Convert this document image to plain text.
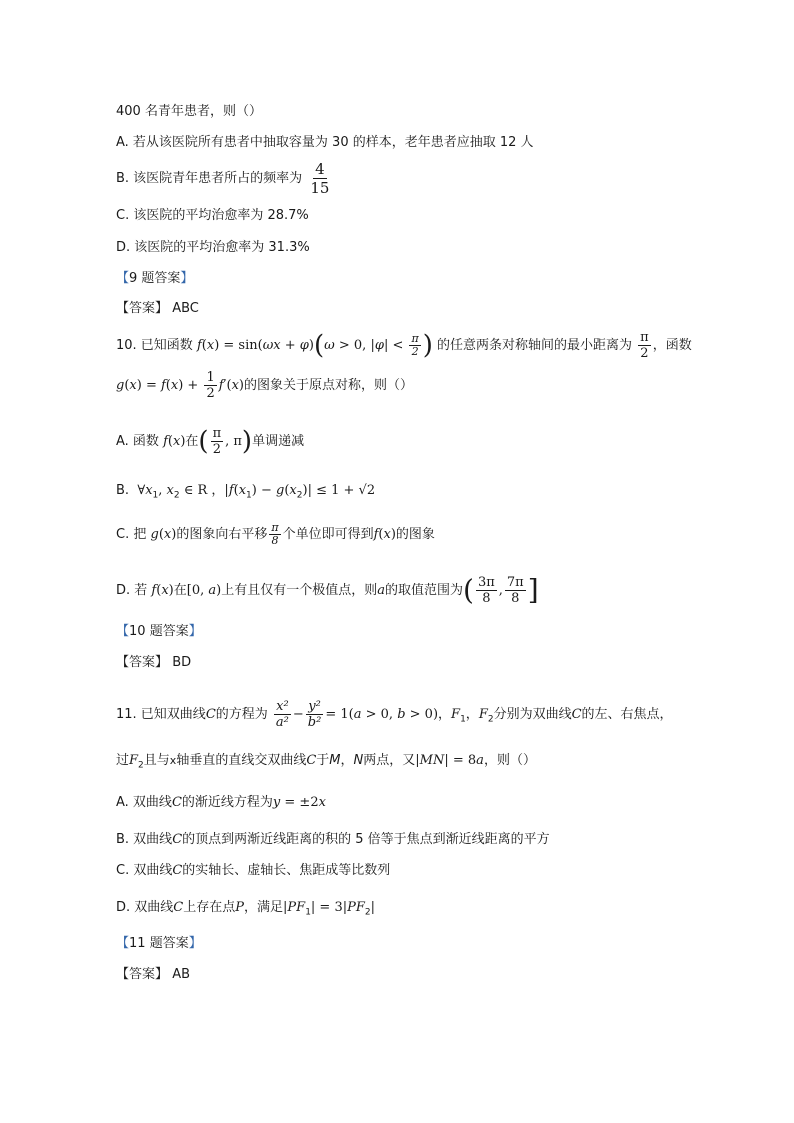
400 名青年患者，则（）
A. 若从该医院所有患者中抽取容量为 30 的样本，老年患者应抽取 12 人
B. 该医院青年患者所占的频率为 $\frac{4}{15}$
C. 该医院的平均治愈率为 28.7%
D. 该医院的平均治愈率为 31.3%
【9 题答案】
【答案】 ABC
10. 已知函数 f(x) = sin(ωx + φ)(ω > 0, $|\varphi| < \frac{\pi}{2}$ ) 的任意两条对称轴间的最小距离为 $\frac{\pi}{2}$ ，函数
$g(x) = f(x) + \frac{1}{2} f'(x)$的图象关于原点对称，则（）
A. 函数 f(x)在( $\frac{\pi}{2}$ , π)单调递减
B.  $\forall x_1$, $x_2$ ∈ R ，$|f(x_1) - g(x_2)| \le 1 + √2$
C. 把 g(x)的图象向右平移 $\frac{\pi}{8}$ 个单位即可得到f(x)的图象
D. 若 f(x)在[0, a)上有且仅有一个极值点，则a的取值范围为( $\frac{3\pi}{8}$ , $\frac{7\pi}{8}$ ]
【10 题答案】
【答案】 BD
11. 已知双曲线C的方程为 $\frac{\text{x²}}{\text{a²}} - \frac{\text{y²}}{\text{b²}} = 1(a > 0$, b > 0)，$F_1$，$F_2$分别为双曲线C的左、右焦点，
过$F_2$且与x轴垂直的直线交双曲线C于M，N两点，又|MN| = 8a，则（）
A. 双曲线C的渐近线方程为y = ±2x
B. 双曲线C的顶点到两渐近线距离的积的 5 倍等于焦点到渐近线距离的平方
C. 双曲线C的实轴长、虚轴长、焦距成等比数列
D. 双曲线C上存在点P，满足$|PF_1| = 3|PF_2|$
【11 题答案】
【答案】 AB
